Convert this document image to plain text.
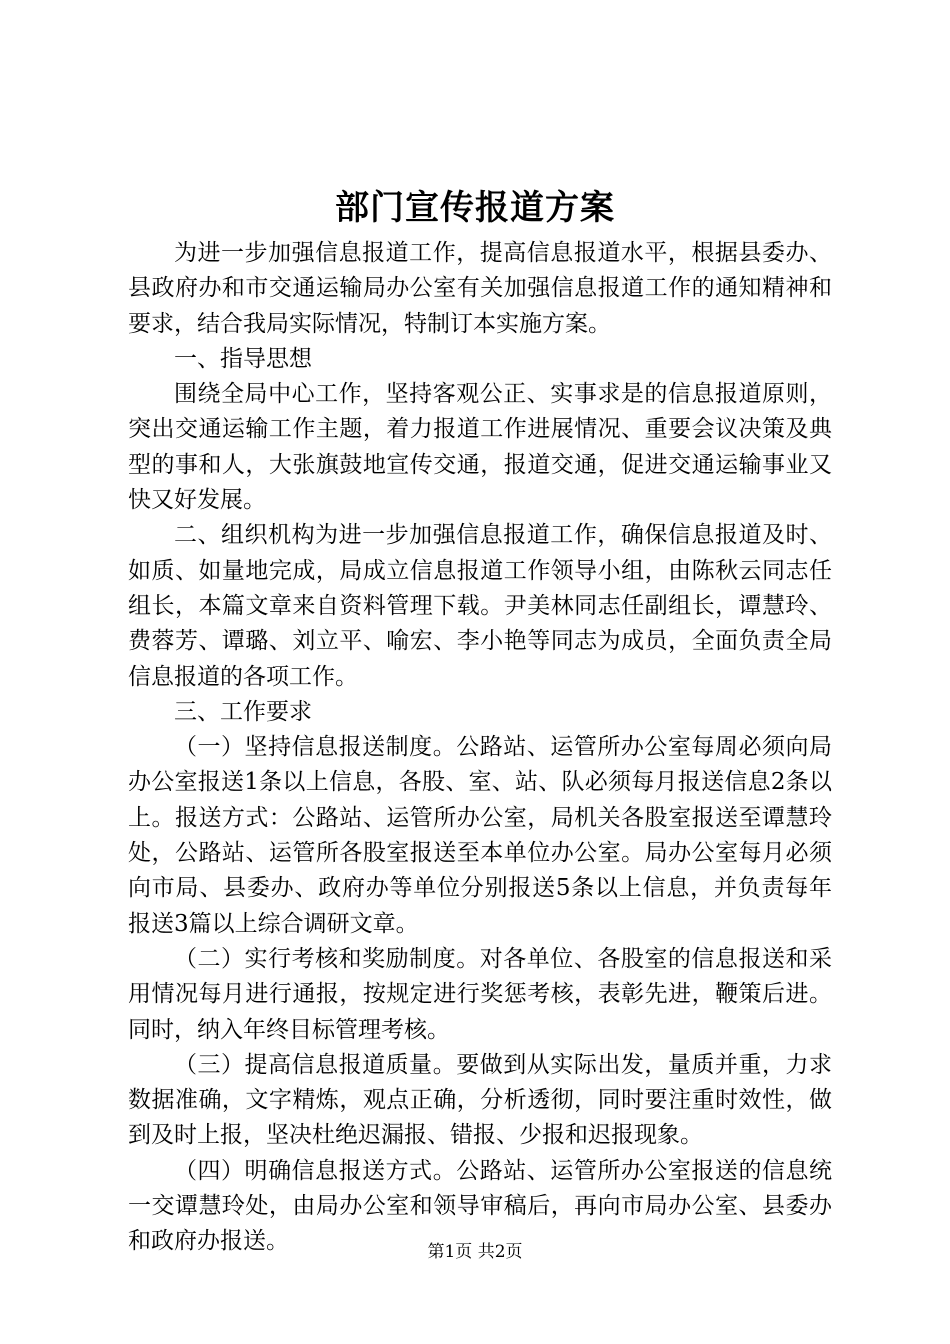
部门宣传报道方案

为进一步加强信息报道工作，提高信息报道水平，根据县委办、县政府办和市交通运输局办公室有关加强信息报道工作的通知精神和要求，结合我局实际情况，特制订本实施方案。

一、指导思想

围绕全局中心工作，坚持客观公正、实事求是的信息报道原则，突出交通运输工作主题，着力报道工作进展情况、重要会议决策及典型的事和人，大张旗鼓地宣传交通，报道交通，促进交通运输事业又快又好发展。

二、组织机构为进一步加强信息报道工作，确保信息报道及时、如质、如量地完成，局成立信息报道工作领导小组，由陈秋云同志任组长，本篇文章来自资料管理下载。尹美林同志任副组长，谭慧玲、费蓉芳、谭璐、刘立平、喻宏、李小艳等同志为成员，全面负责全局信息报道的各项工作。

三、工作要求

（一）坚持信息报送制度。公路站、运管所办公室每周必须向局办公室报送1条以上信息，各股、室、站、队必须每月报送信息2条以上。报送方式：公路站、运管所办公室，局机关各股室报送至谭慧玲处，公路站、运管所各股室报送至本单位办公室。局办公室每月必须向市局、县委办、政府办等单位分别报送5条以上信息，并负责每年报送3篇以上综合调研文章。

（二）实行考核和奖励制度。对各单位、各股室的信息报送和采用情况每月进行通报，按规定进行奖惩考核，表彰先进，鞭策后进。同时，纳入年终目标管理考核。

（三）提高信息报道质量。要做到从实际出发，量质并重，力求数据准确，文字精炼，观点正确，分析透彻，同时要注重时效性，做到及时上报，坚决杜绝迟漏报、错报、少报和迟报现象。

（四）明确信息报送方式。公路站、运管所办公室报送的信息统一交谭慧玲处，由局办公室和领导审稿后，再向市局办公室、县委办和政府办报送。	第1页 共2页
